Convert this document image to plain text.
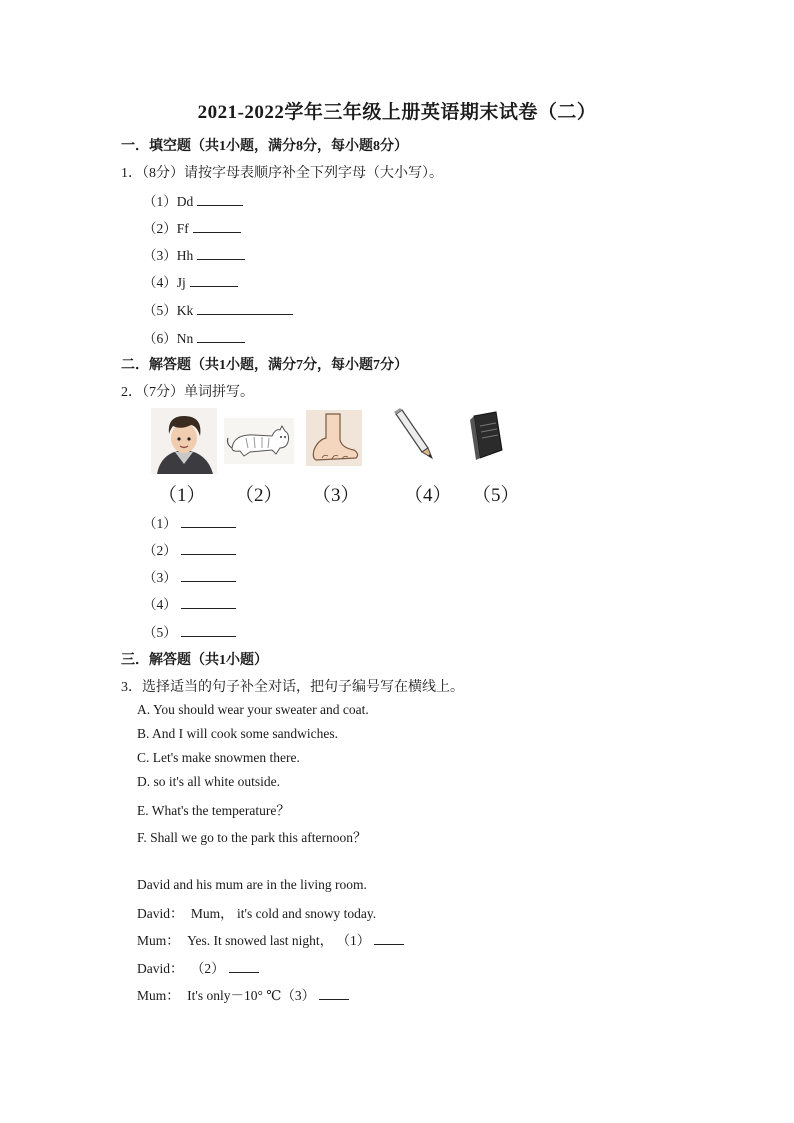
2021-2022学年三年级上册英语期末试卷（二）
一．填空题（共1小题，满分8分，每小题8分）
1．（8分）请按字母表顺序补全下列字母（大小写）。
（1）Dd
（2）Ff
（3）Hh
（4）Jj
（5）Kk
（6）Nn
二．解答题（共1小题，满分7分，每小题7分）
2．（7分）单词拼写。
（1） （2） （3） （4） （5）
（1）
（2）
（3）
（4）
（5）
三．解答题（共1小题）
3．选择适当的句子补全对话，把句子编号写在横线上。
A. You should wear your sweater and coat.
B. And I will cook some sandwiches.
C. Let's make snowmen there.
D. so it's all white outside.
E. What's the temperature？
F. Shall we go to the park this afternoon？
David and his mum are in the living room.
David： Mum， it's cold and snowy today.
Mum： Yes. It snowed last night， （1）
David： （2）
Mum： It's only－10° ℃（3）
